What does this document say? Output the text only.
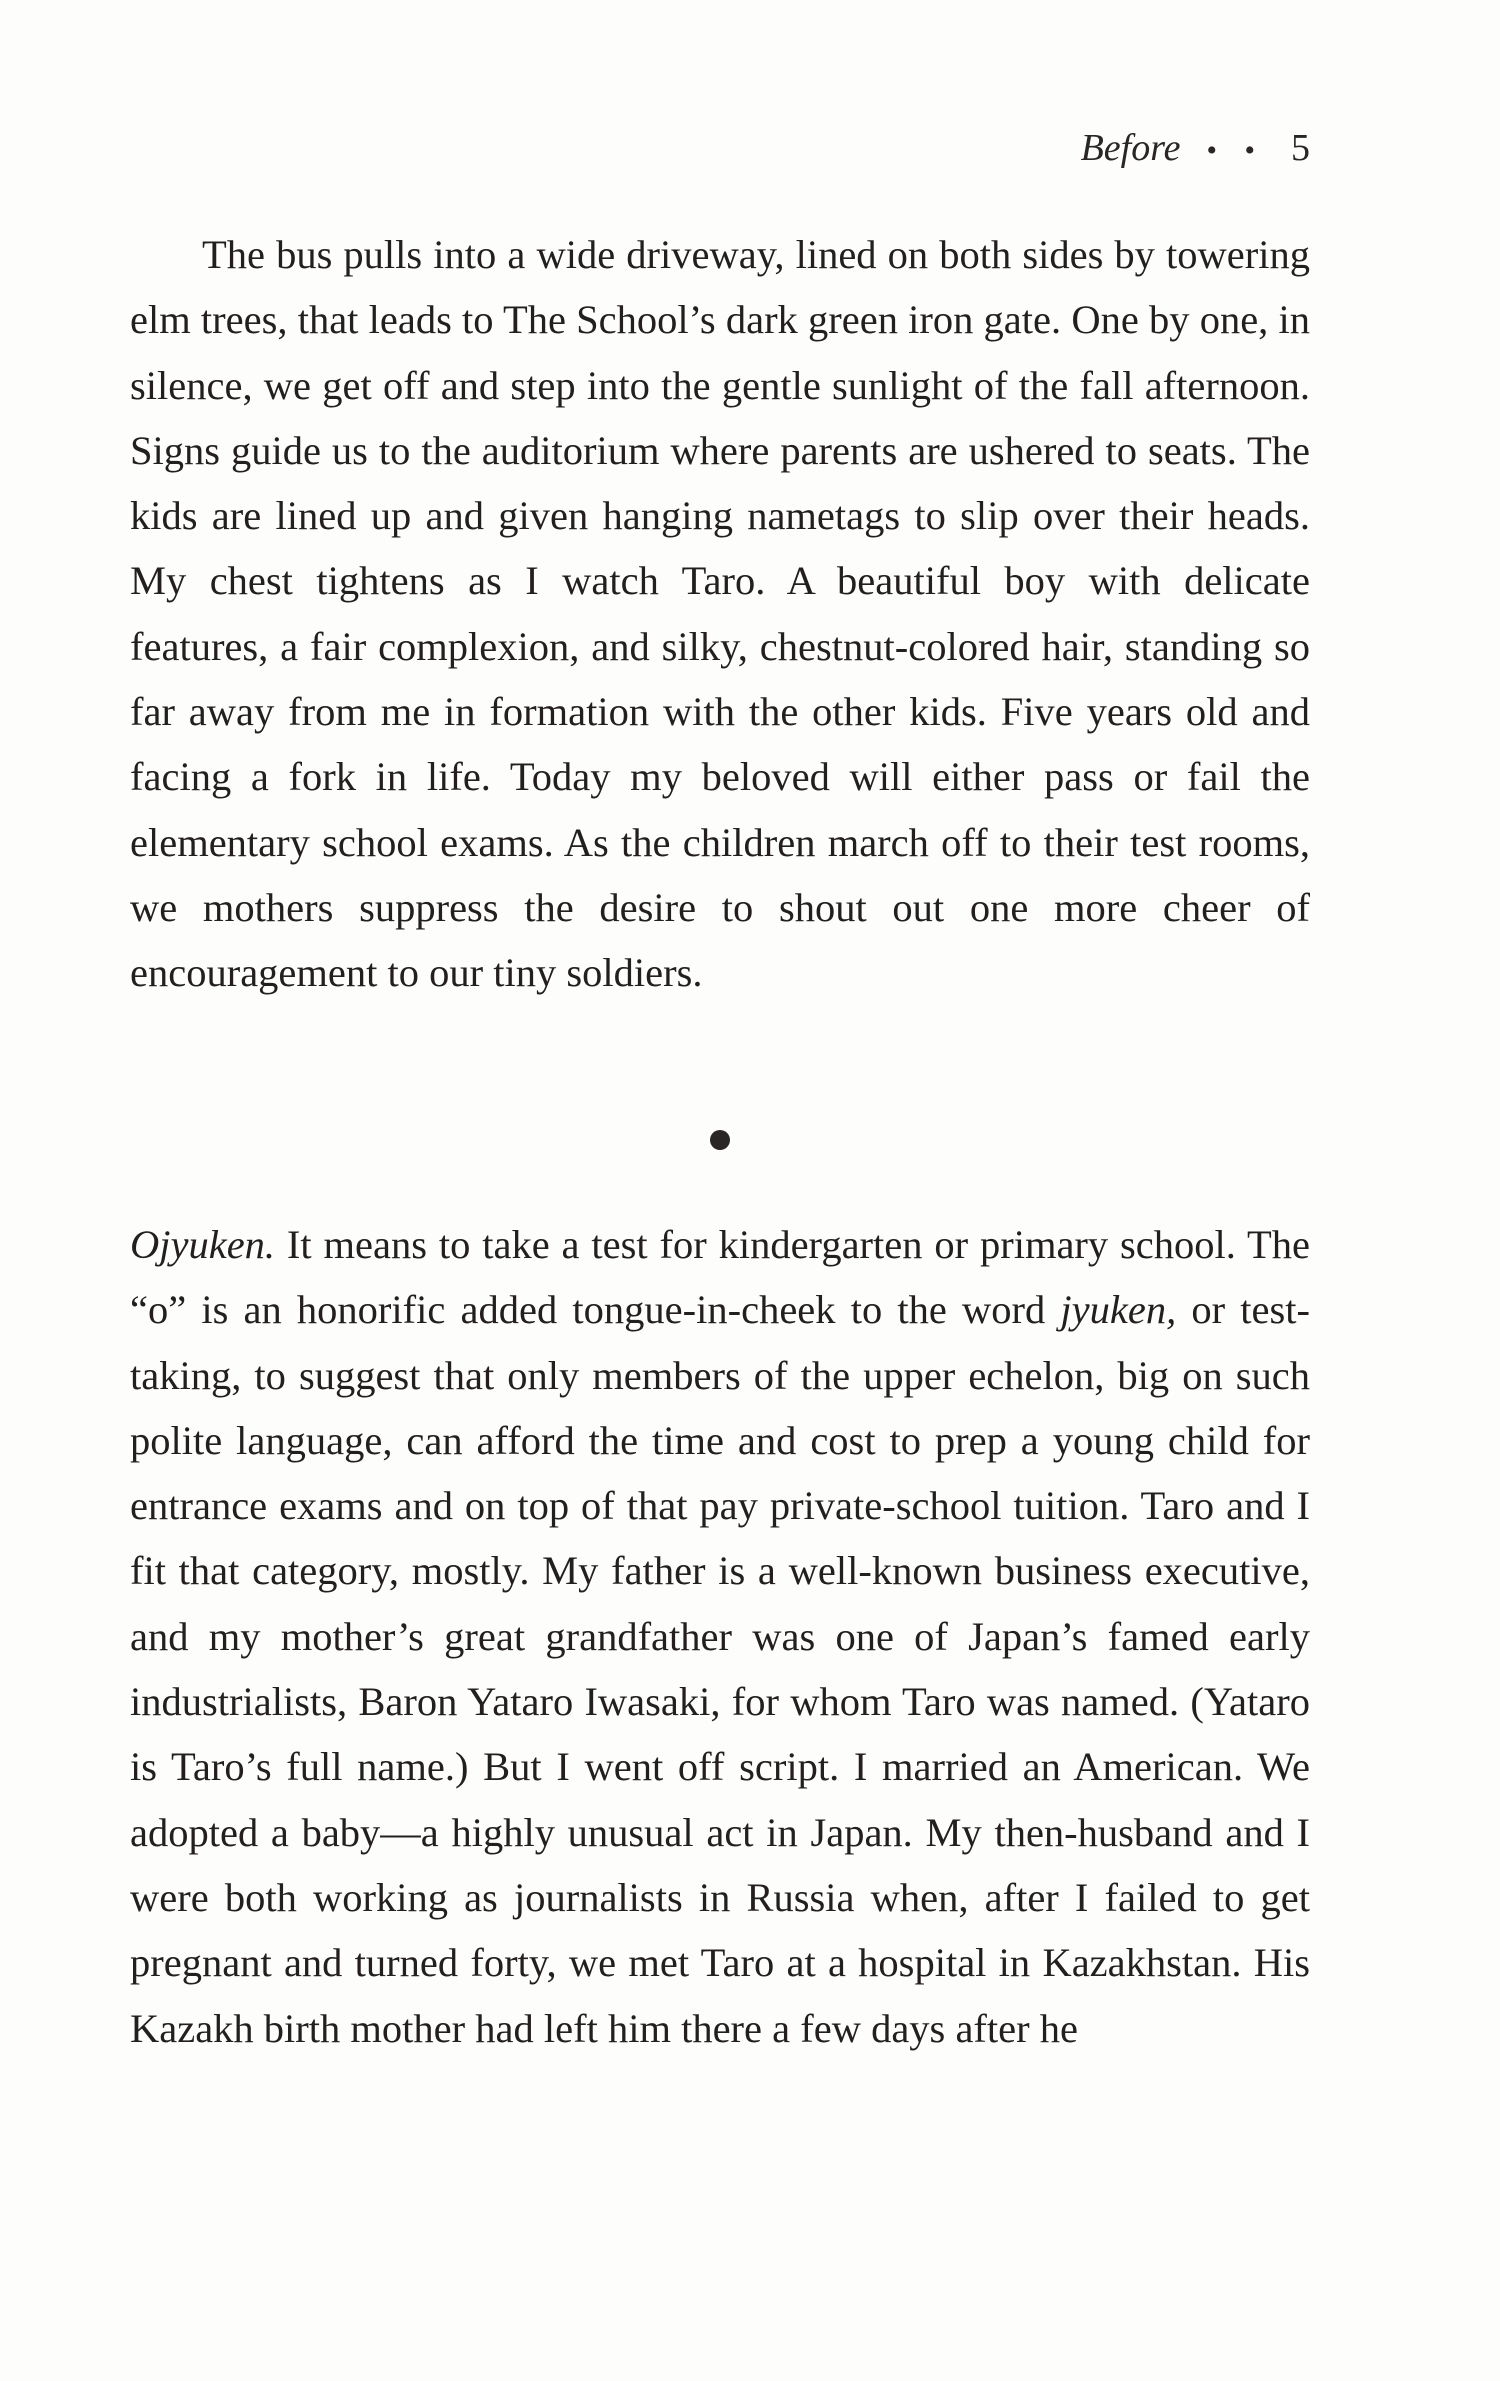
Before • • 5

The bus pulls into a wide driveway, lined on both sides by towering elm trees, that leads to The School’s dark green iron gate. One by one, in silence, we get off and step into the gentle sunlight of the fall afternoon. Signs guide us to the auditorium where parents are ushered to seats. The kids are lined up and given hanging nametags to slip over their heads. My chest tightens as I watch Taro. A beautiful boy with delicate features, a fair complexion, and silky, chestnut-colored hair, standing so far away from me in formation with the other kids. Five years old and facing a fork in life. Today my beloved will either pass or fail the elementary school exams. As the children march off to their test rooms, we mothers suppress the desire to shout out one more cheer of encouragement to our tiny soldiers.

Ojyuken. It means to take a test for kindergarten or primary school. The “o” is an honorific added tongue-in-cheek to the word jyuken, or test-taking, to suggest that only members of the upper echelon, big on such polite language, can afford the time and cost to prep a young child for entrance exams and on top of that pay private-school tuition. Taro and I fit that category, mostly. My father is a well-known business executive, and my mother’s great grandfather was one of Japan’s famed early industrialists, Baron Yataro Iwasaki, for whom Taro was named. (Yataro is Taro’s full name.) But I went off script. I married an American. We adopted a baby—a highly unusual act in Japan. My then-husband and I were both working as journalists in Russia when, after I failed to get pregnant and turned forty, we met Taro at a hospital in Kazakhstan. His Kazakh birth mother had left him there a few days after he
